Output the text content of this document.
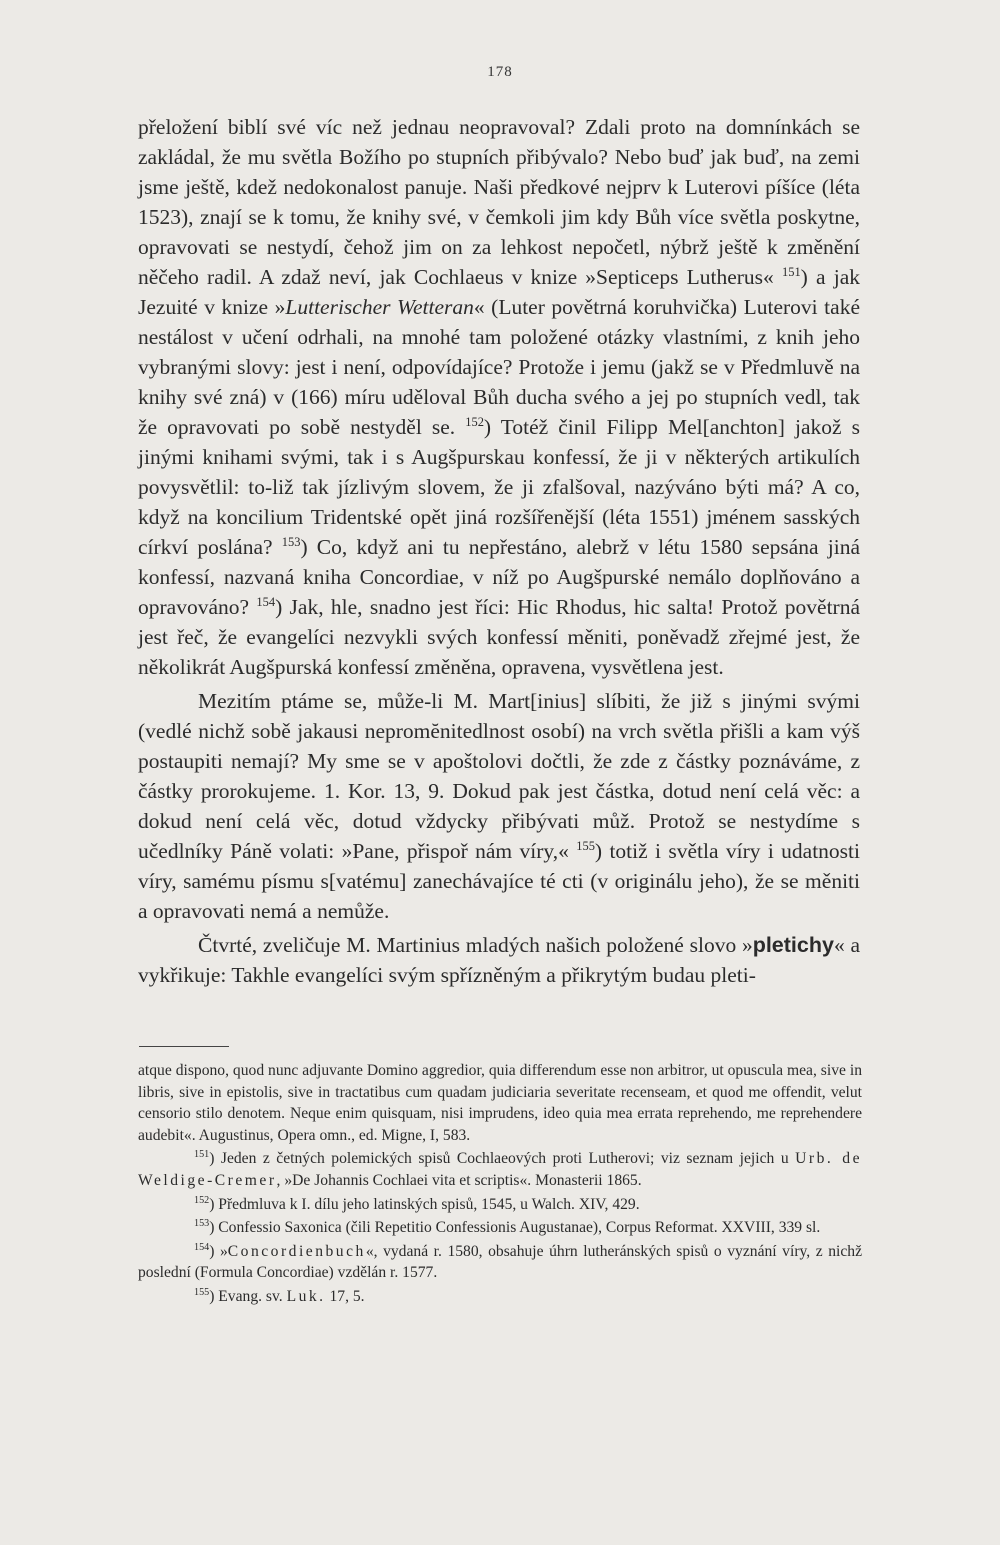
178

přeložení biblí své víc než jednau neopravoval? Zdali proto na domnínkách se zakládal, že mu světla Božího po stupních přibývalo? Nebo buď jak buď, na zemi jsme ještě, kdež nedokonalost panuje. Naši předkové nejprv k Luterovi píšíce (léta 1523), znají se k tomu, že knihy své, v čemkoli jim kdy Bůh více světla poskytne, opravovati se nestydí, čehož jim on za lehkost nepočetl, nýbrž ještě k změnění něčeho radil. A zdaž neví, jak Cochlaeus v knize »Septiceps Lutherus« $^{151}$) a jak Jezuité v knize »Lutterischer Wetteran« (Luter povětrná koruhvička) Luterovi také nestálost v učení odrhali, na mnohé tam položené otázky vlastními, z knih jeho vybranými slovy: jest i není, odpovídajíce? Protože i jemu (jakž se v Předmluvě na knihy své zná) v (166) míru uděloval Bůh ducha svého a jej po stupních vedl, tak že opravovati po sobě nestyděl se. $^{152}$) Totéž činil Filipp Mel[anchton] jakož s jinými knihami svými, tak i s Augšpurskau konfessí, že ji v některých artikulích povysvětlil: to-liž tak jízlivým slovem, že ji zfalšoval, nazýváno býti má? A co, když na koncilium Tridentské opět jiná rozšířenější (léta 1551) jménem sasských církví poslána? $^{153}$) Co, když ani tu nepřestáno, alebrž v létu 1580 sepsána jiná konfessí, nazvaná kniha Concordiae, v níž po Augšpurské nemálo doplňováno a opravováno? $^{154}$) Jak, hle, snadno jest říci: Hic Rhodus, hic salta! Protož povětrná jest řeč, že evangelíci nezvykli svých konfessí měniti, poněvadž zřejmé jest, že několikrát Augšpurská konfessí změněna, opravena, vysvětlena jest.

Mezitím ptáme se, může-li M. Mart[inius] slíbiti, že již s jinými svými (vedlé nichž sobě jakausi nepromĕnitedlnost osobí) na vrch světla přišli a kam výš postaupiti nemají? My sme se v apoštolovi dočtli, že zde z částky poznáváme, z částky prorokujeme. 1. Kor. 13, 9. Dokud pak jest částka, dotud není celá věc: a dokud není celá věc, dotud vždycky přibývati můž. Protož se nestydíme s učedlníky Páně volati: »Pane, přispoř nám víry,« $^{155}$) totiž i světla víry i udatnosti víry, samému písmu s[vatému] zanechávajíce té cti (v originálu jeho), že se měniti a opravovati nemá a nemůže.

Čtvrté, zveličuje M. Martinius mladých našich položené slovo »pletichy« a vykřikuje: Takhle evangelíci svým spřízněným a přikrytým budau pleti-

atque dispono, quod nunc adjuvante Domino aggredior, quia differendum esse non arbitror, ut opuscula mea, sive in libris, sive in epistolis, sive in tractatibus cum quadam judiciaria severitate recenseam, et quod me offendit, velut censorio stilo denotem. Neque enim quisquam, nisi imprudens, ideo quia mea errata reprehendo, me reprehendere audebit«. Augustinus, Opera omn., ed. Migne, I, 583.

$^{151}$) Jeden z četných polemických spisů Cochlaeových proti Lutherovi; viz seznam jejich u Urb. de Weldige-Cremer, »De Johannis Cochlaei vita et scriptis«. Monasterii 1865.

$^{152}$) Předmluva k I. dílu jeho latinských spisů, 1545, u Walch. XIV, 429.

$^{153}$) Confessio Saxonica (čili Repetitio Confessionis Augustanae), Corpus Reformat. XXVIII, 339 sl.

$^{154}$) »Concordienbuch«, vydaná r. 1580, obsahuje úhrn lutheránských spisů o vyznání víry, z nichž poslední (Formula Concordiae) vzdělán r. 1577.

$^{155}$) Evang. sv. Luk. 17, 5.
